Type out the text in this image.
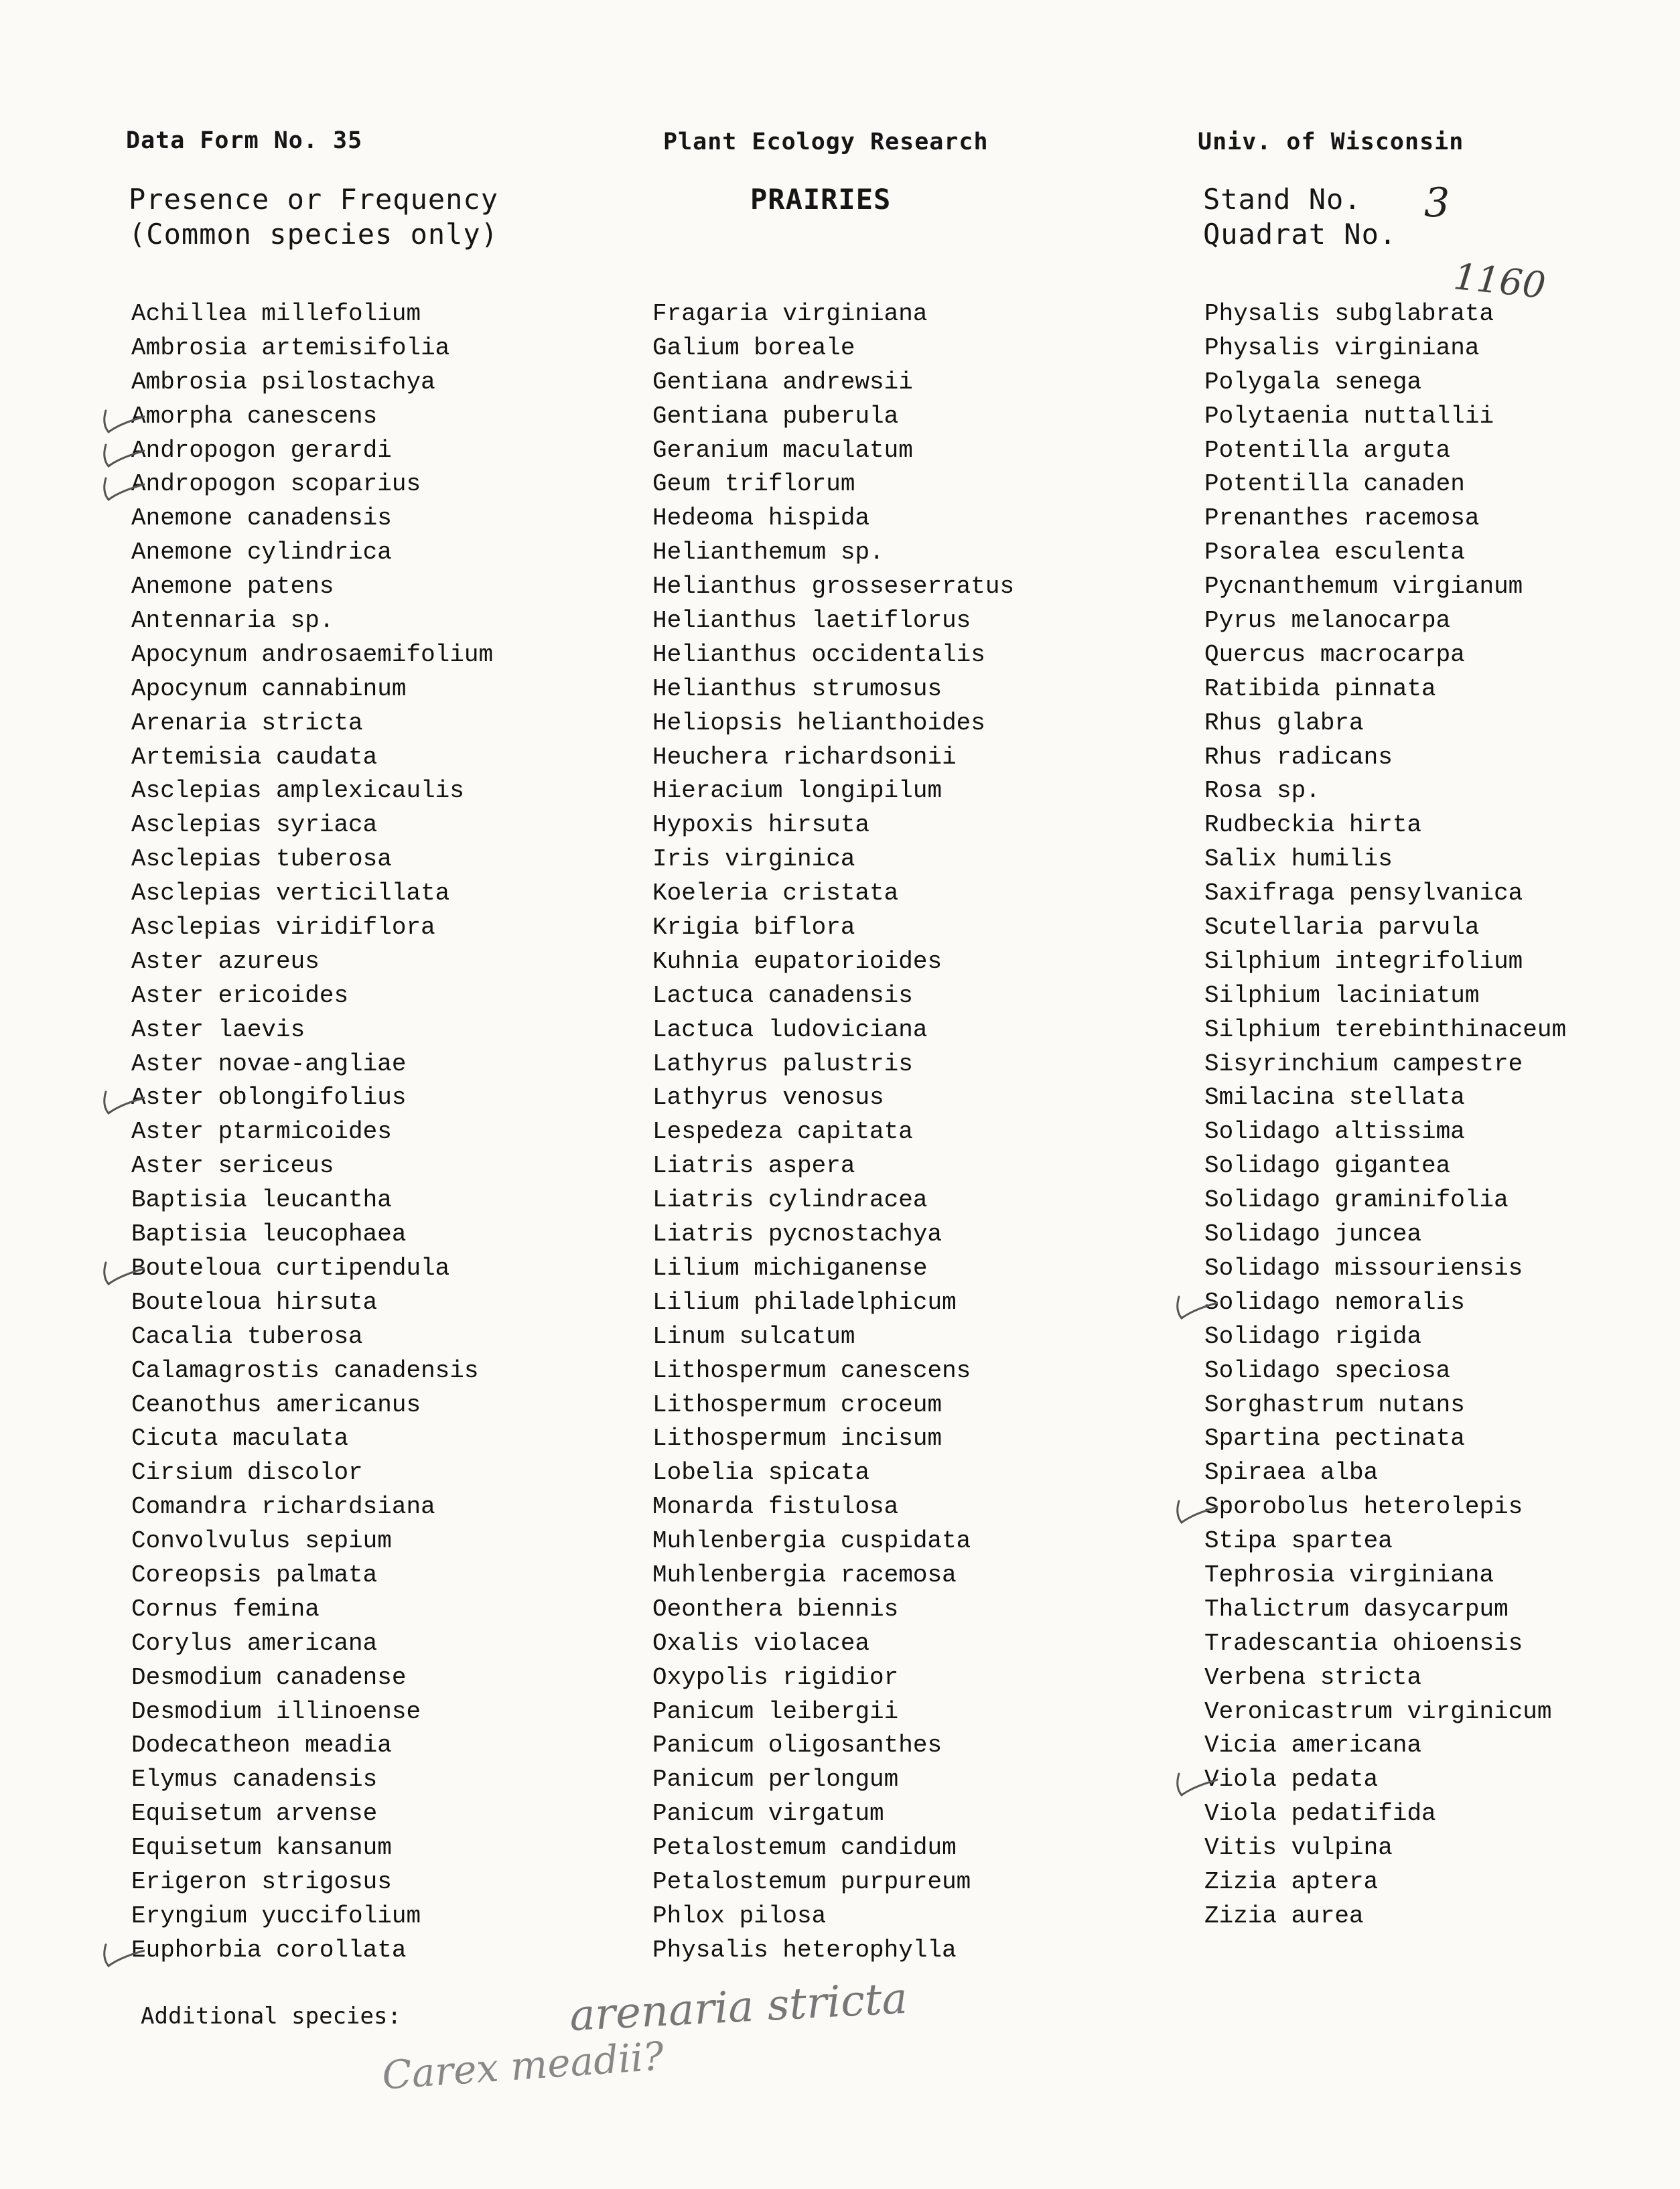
Data Form No. 35	Plant Ecology Research	Univ. of Wisconsin
Presence or Frequency
(Common species only)
PRAIRIES	Stand No.
Quadrat No.
3
1160
Achillea millefolium
Ambrosia artemisifolia
Ambrosia psilostachya
Amorpha canescens
Andropogon gerardi
Andropogon scoparius
Anemone canadensis
Anemone cylindrica
Anemone patens
Antennaria sp.
Apocynum androsaemifolium
Apocynum cannabinum
Arenaria stricta
Artemisia caudata
Asclepias amplexicaulis
Asclepias syriaca
Asclepias tuberosa
Asclepias verticillata
Asclepias viridiflora
Aster azureus
Aster ericoides
Aster laevis
Aster novae-angliae
Aster oblongifolius
Aster ptarmicoides
Aster sericeus
Baptisia leucantha
Baptisia leucophaea
Bouteloua curtipendula
Bouteloua hirsuta
Cacalia tuberosa
Calamagrostis canadensis
Ceanothus americanus
Cicuta maculata
Cirsium discolor
Comandra richardsiana
Convolvulus sepium
Coreopsis palmata
Cornus femina
Corylus americana
Desmodium canadense
Desmodium illinoense
Dodecatheon meadia
Elymus canadensis
Equisetum arvense
Equisetum kansanum
Erigeron strigosus
Eryngium yuccifolium
Euphorbia corollata
Fragaria virginiana
Galium boreale
Gentiana andrewsii
Gentiana puberula
Geranium maculatum
Geum triflorum
Hedeoma hispida
Helianthemum sp.
Helianthus grosseserratus
Helianthus laetiflorus
Helianthus occidentalis
Helianthus strumosus
Heliopsis helianthoides
Heuchera richardsonii
Hieracium longipilum
Hypoxis hirsuta
Iris virginica
Koeleria cristata
Krigia biflora
Kuhnia eupatorioides
Lactuca canadensis
Lactuca ludoviciana
Lathyrus palustris
Lathyrus venosus
Lespedeza capitata
Liatris aspera
Liatris cylindracea
Liatris pycnostachya
Lilium michiganense
Lilium philadelphicum
Linum sulcatum
Lithospermum canescens
Lithospermum croceum
Lithospermum incisum
Lobelia spicata
Monarda fistulosa
Muhlenbergia cuspidata
Muhlenbergia racemosa
Oeonthera biennis
Oxalis violacea
Oxypolis rigidior
Panicum leibergii
Panicum oligosanthes
Panicum perlongum
Panicum virgatum
Petalostemum candidum
Petalostemum purpureum
Phlox pilosa
Physalis heterophylla
Physalis subglabrata
Physalis virginiana
Polygala senega
Polytaenia nuttallii
Potentilla arguta
Potentilla canaden
Prenanthes racemosa
Psoralea esculenta
Pycnanthemum virgianum
Pyrus melanocarpa
Quercus macrocarpa
Ratibida pinnata
Rhus glabra
Rhus radicans
Rosa sp.
Rudbeckia hirta
Salix humilis
Saxifraga pensylvanica
Scutellaria parvula
Silphium integrifolium
Silphium laciniatum
Silphium terebinthinaceum
Sisyrinchium campestre
Smilacina stellata
Solidago altissima
Solidago gigantea
Solidago graminifolia
Solidago juncea
Solidago missouriensis
Solidago nemoralis
Solidago rigida
Solidago speciosa
Sorghastrum nutans
Spartina pectinata
Spiraea alba
Sporobolus heterolepis
Stipa spartea
Tephrosia virginiana
Thalictrum dasycarpum
Tradescantia ohioensis
Verbena stricta
Veronicastrum virginicum
Vicia americana
Viola pedata
Viola pedatifida
Vitis vulpina
Zizia aptera
Zizia aurea
Additional species:	arenaria stricta
Carex meadii?
